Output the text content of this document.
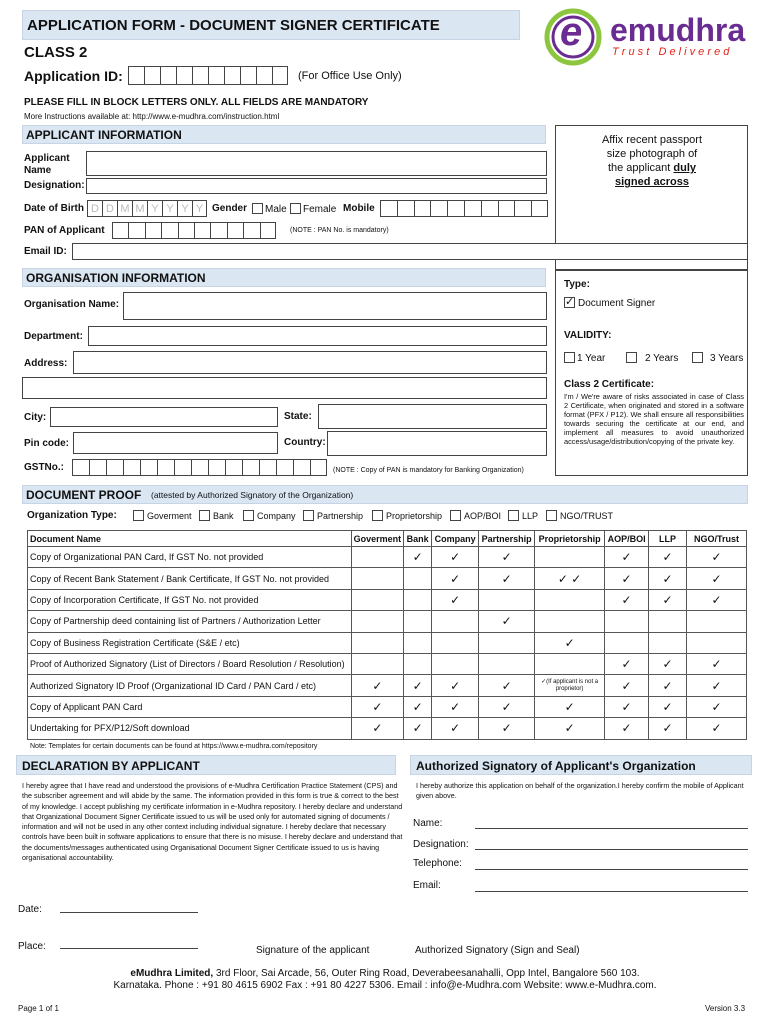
APPLICATION FORM - DOCUMENT SIGNER CERTIFICATE
CLASS 2
Application ID:	(For Office Use Only)
e emudhra
T r u s t   D e l i v e r e d
PLEASE FILL IN BLOCK LETTERS ONLY. ALL FIELDS ARE MANDATORY
More Instructions available at: http://www.e-mudhra.com/instruction.html
APPLICANT INFORMATION	Affix recent passport
size photograph of
the applicant duly
signed across
Applicant
Name
Designation:
Date of Birth D D M M Y Y Y Y Gender Male Female Mobile
PAN of Applicant	(NOTE : PAN No. is mandatory)
Email ID:
ORGANISATION INFORMATION
Organisation Name:
Department:
Address:
City:	State:
Pin code:	Country:
GSTNo.:	(NOTE : Copy of PAN is mandatory for Banking Organization)
Type:
✓ Document Signer
VALIDITY:
1 Year	2 Years	3 Years
Class 2 Certificate:
I'm / We're aware of risks associated in case of Class 2 Certificate, when originated and stored in a software format (PFX / P12). We shall ensure all responsibilities towards securing the certificate at our end, and implement all measures to avoid unauthorized access/usage/distribution/copying of the private key.
DOCUMENT PROOF (attested by Authorized Signatory of the Organization)
Organization Type:	Goverment Bank	Company Partnership	Proprietorship AOP/BOI LLP NGO/TRUST
Document Name	Goverment	Bank	Company	Partnership	Proprietorship	AOP/BOI	LLP	NGO/Trust
Copy of Organizational PAN Card, If GST No. not provided		✓	✓	✓		✓	✓	✓
Copy of Recent Bank Statement / Bank Certificate, If GST No. not provided			✓	✓	✓ ✓	✓	✓	✓
Copy of Incorporation Certificate, If GST No. not provided			✓			✓	✓	✓
Copy of Partnership deed containing list of Partners / Authorization Letter				✓				
Copy of Business Registration Certificate (S&E / etc)					✓			
Proof of Authorized Signatory (List of Directors / Board Resolution / Resolution)						✓	✓	✓
Authorized Signatory ID Proof (Organizational ID Card / PAN Card / etc)	✓	✓	✓	✓	✓(If applicant is not a proprietor)	✓	✓	✓
Copy of Applicant PAN Card	✓	✓	✓	✓	✓	✓	✓	✓
Undertaking for PFX/P12/Soft download	✓	✓	✓	✓	✓	✓	✓	✓
Note: Templates for certain documents can be found at https://www.e-mudhra.com/repository
DECLARATION BY APPLICANT
I hereby agree that I have read and understood the provisions of e-Mudhra Certification Practice Statement (CPS) and the subscriber agreement and will abide by the same. The information provided in this form is true & correct to the best of my knowledge. I accept publishing my certificate information in e-Mudhra repository. I hereby declare and understand that Organizational Document Signer Certificate issued to us will be used only for automated signing of documents / information and will not be used in any other context including individual signature. I hereby declare that necessary controls have been built in software applications to ensure that there is no misuse. I hereby declare and understand that the documents/messages authenticated using Organisational Document Signer Certificate issued to us is having organisational accountability.
Date:
Place:	Signature of the applicant
Authorized Signatory of Applicant's Organization
I hereby authorize this application on behalf of the organization.I hereby confirm the mobile of Applicant given above.
Name:
Designation:
Telephone:
Email:
Authorized Signatory (Sign and Seal)
eMudhra Limited, 3rd Floor, Sai Arcade, 56, Outer Ring Road, Deverabeesanahalli, Opp Intel, Bangalore 560 103.
Karnataka. Phone : +91 80 4615 6902 Fax : +91 80 4227 5306. Email : info@e-Mudhra.com Website: www.e-Mudhra.com.
Page 1 of 1	Version 3.3
